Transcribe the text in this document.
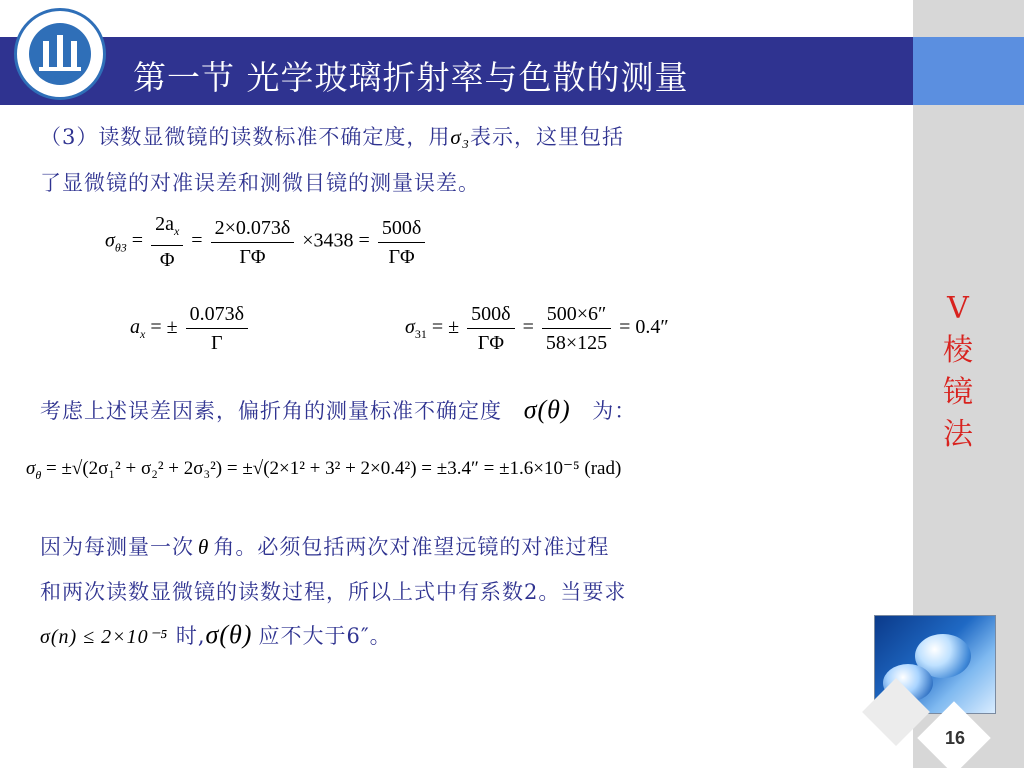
1958	第一节 光学玻璃折射率与色散的测量
（3）读数显微镜的读数标准不确定度，用σ₃表示，这里包括
了显微镜的对准误差和测微目镜的测量误差。
$\sigma_{\theta 3} = \frac{2a_x}{\Phi} = \frac{2\times 0.073\delta}{\Gamma\Phi} \times 3438 = \frac{500\delta}{\Gamma\Phi}$
$a_x$ = ± $\frac{0.073\delta}{\Gamma}$	$\sigma_{31}$ = ± $\frac{500\delta}{\Gamma\Phi} = \frac{500\times 6''}{58\times 125} = 0.4''$
考虑上述误差因素，偏折角的测量标准不确定度 σ(θ) 为：
$\sigma_\theta = \pm√(2\sigma_1^2 + \sigma_2^2 + 2\sigma_3^2) = \pm√(2\times 1^2 + 3^2 + 2\times 0.4^2) = \pm 3.4'' = \pm 1.6\times 10^{-5}$ (rad)
因为每测量一次 θ 角。必须包括两次对准望远镜的对准过程
和两次读数显微镜的读数过程，所以上式中有系数2。当要求
σ(n) ≤ 2×10⁻⁵ 时,σ(θ) 应不大于6″。
V
棱
镜
法
16
